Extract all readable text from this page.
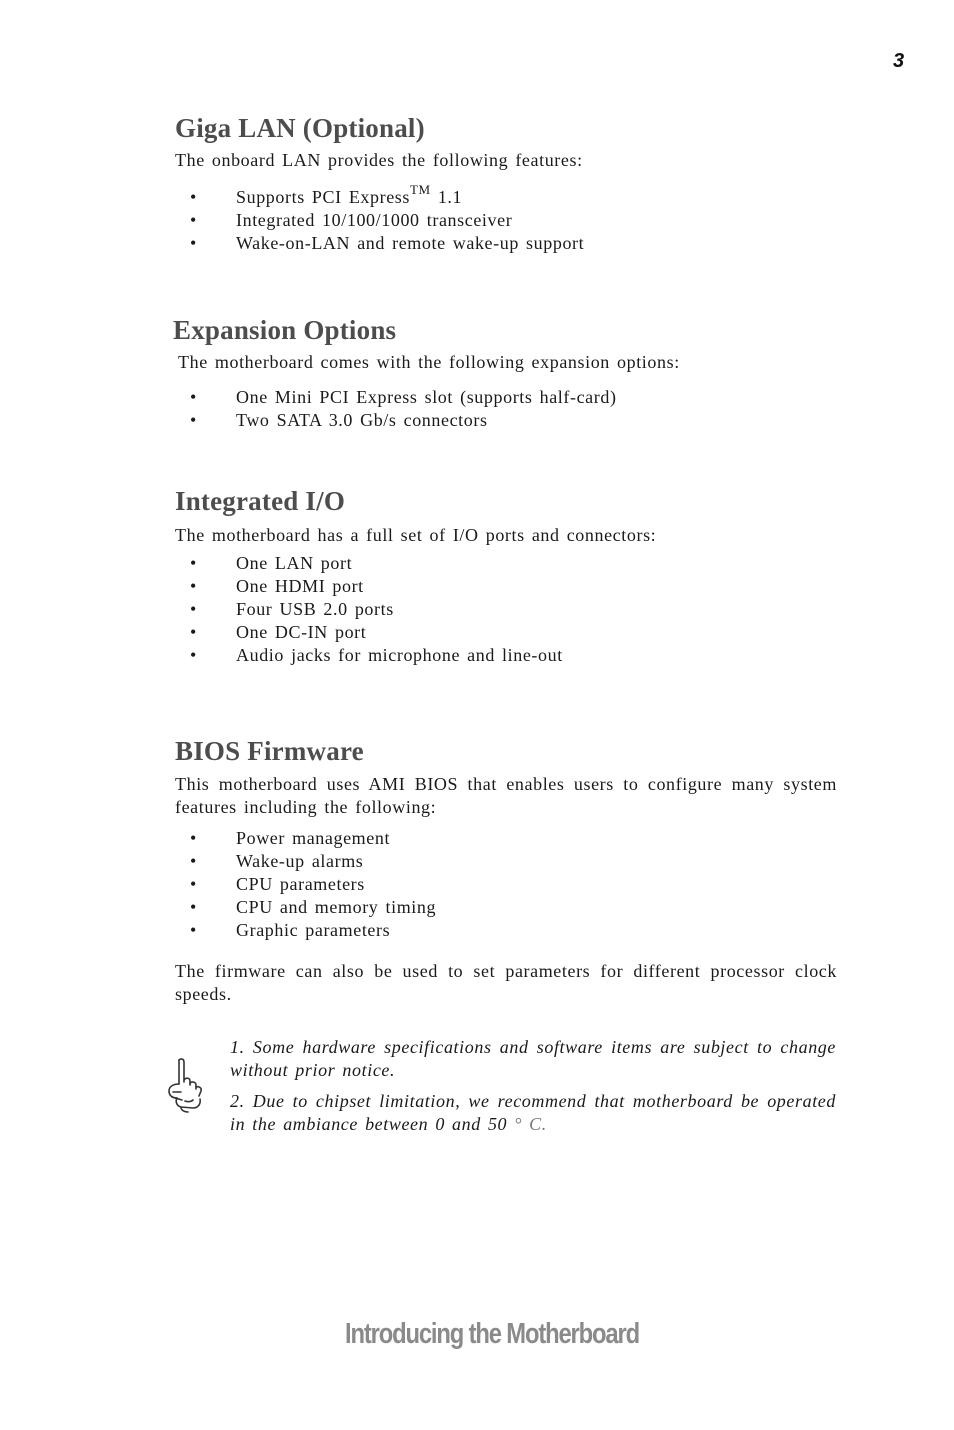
3
Giga LAN (Optional)

The onboard LAN provides the following features:

• Supports PCI Express™ 1.1
• Integrated 10/100/1000 transceiver
• Wake-on-LAN and remote wake-up support
Expansion Options

The motherboard comes with the following expansion options:

• One Mini PCI Express slot (supports half-card)
• Two SATA 3.0 Gb/s connectors
Integrated I/O

The motherboard has a full set of I/O ports and connectors:

• One LAN port
• One HDMI port
• Four USB 2.0 ports
• One DC-IN port
• Audio jacks for microphone and line-out
BIOS Firmware

This motherboard uses AMI BIOS that enables users to configure many system features including the following:

• Power management
• Wake-up alarms
• CPU parameters
• CPU and memory timing
• Graphic parameters

The firmware can also be used to set parameters for different processor clock speeds.

1. Some hardware specifications and software items are subject to change without prior notice.

2. Due to chipset limitation, we recommend that motherboard be operated in the ambiance between 0 and 50 ° C.

Introducing the Motherboard
